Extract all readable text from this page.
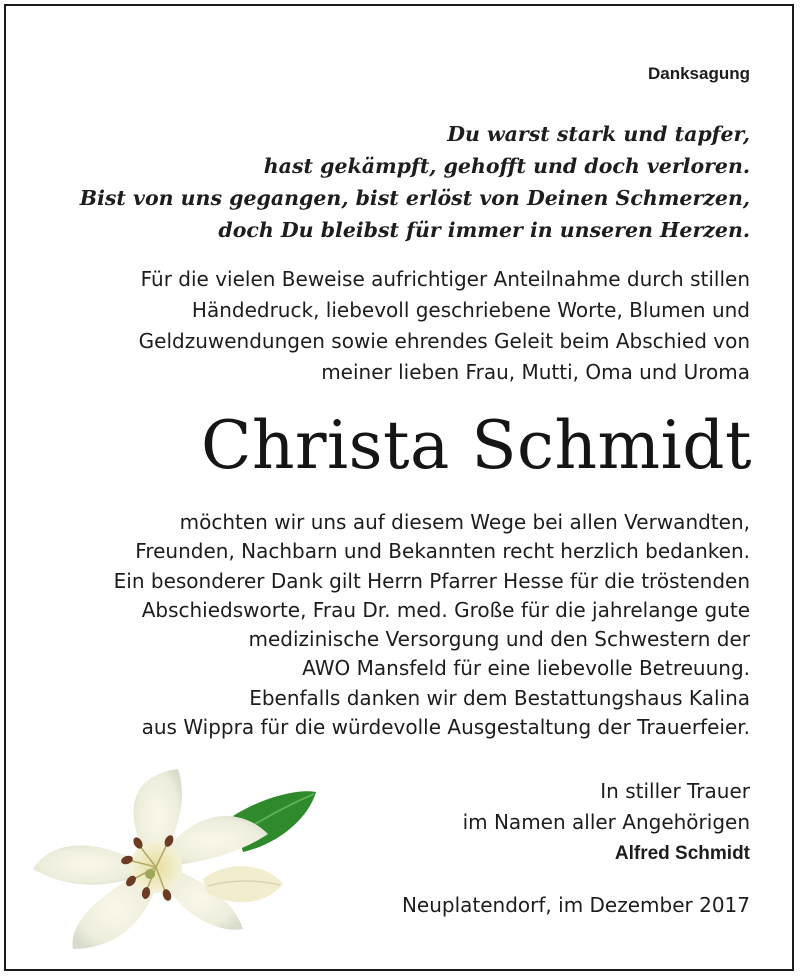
Danksagung
Du warst stark und tapfer,
hast gekämpft, gehofft und doch verloren.
Bist von uns gegangen, bist erlöst von Deinen Schmerzen,
doch Du bleibst für immer in unseren Herzen.
Für die vielen Beweise aufrichtiger Anteilnahme durch stillen
Händedruck, liebevoll geschriebene Worte, Blumen und
Geldzuwendungen sowie ehrendes Geleit beim Abschied von
meiner lieben Frau, Mutti, Oma und Uroma
Christa Schmidt
möchten wir uns auf diesem Wege bei allen Verwandten,
Freunden, Nachbarn und Bekannten recht herzlich bedanken.
Ein besonderer Dank gilt Herrn Pfarrer Hesse für die tröstenden
Abschiedsworte, Frau Dr. med. Große für die jahrelange gute
medizinische Versorgung und den Schwestern der
AWO Mansfeld für eine liebevolle Betreuung.
Ebenfalls danken wir dem Bestattungshaus Kalina
aus Wippra für die würdevolle Ausgestaltung der Trauerfeier.
In stiller Trauer
im Namen aller Angehörigen
Alfred Schmidt
Neuplatendorf, im Dezember 2017
